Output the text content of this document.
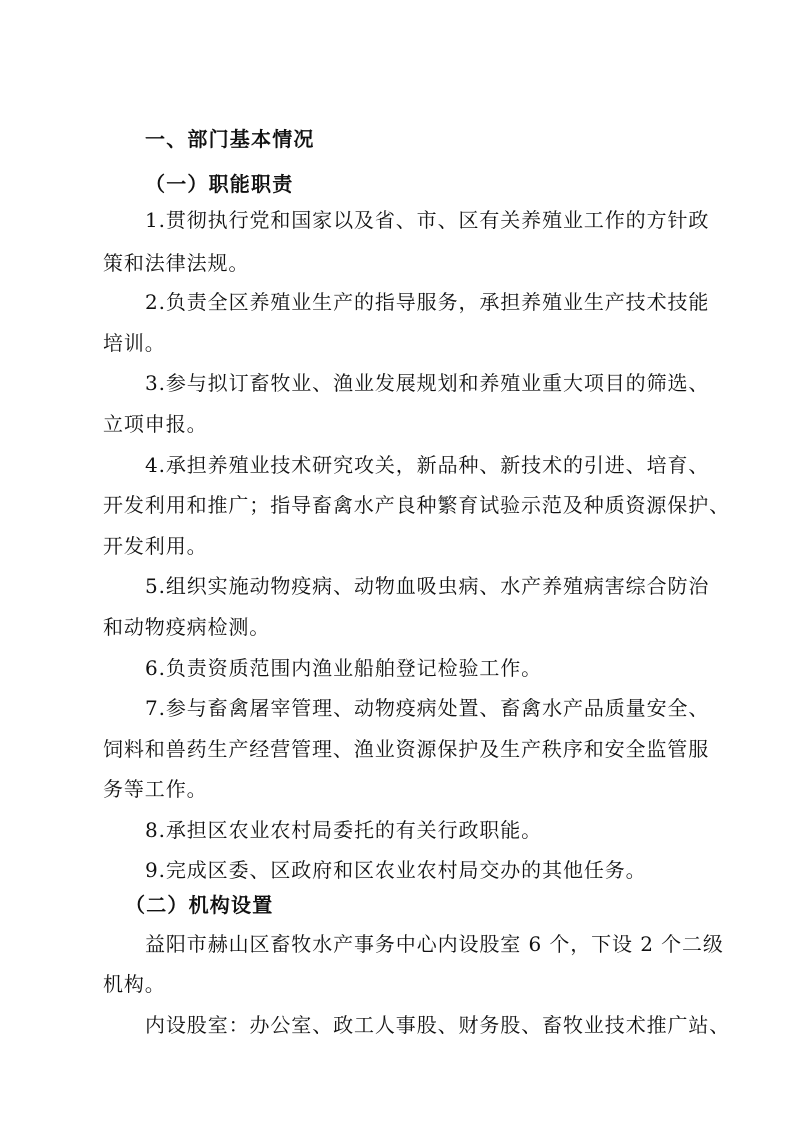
一、部门基本情况
（一）职能职责
1.贯彻执行党和国家以及省、市、区有关养殖业工作的方针政
策和法律法规。
2.负责全区养殖业生产的指导服务，承担养殖业生产技术技能
培训。
3.参与拟订畜牧业、渔业发展规划和养殖业重大项目的筛选、
立项申报。
4.承担养殖业技术研究攻关，新品种、新技术的引进、培育、
开发利用和推广；指导畜禽水产良种繁育试验示范及种质资源保护、
开发利用。
5.组织实施动物疫病、动物血吸虫病、水产养殖病害综合防治
和动物疫病检测。
6.负责资质范围内渔业船舶登记检验工作。
7.参与畜禽屠宰管理、动物疫病处置、畜禽水产品质量安全、
饲料和兽药生产经营管理、渔业资源保护及生产秩序和安全监管服
务等工作。
8.承担区农业农村局委托的有关行政职能。
9.完成区委、区政府和区农业农村局交办的其他任务。
（二）机构设置
益阳市赫山区畜牧水产事务中心内设股室 6 个，下设 2 个二级
机构。
内设股室：办公室、政工人事股、财务股、畜牧业技术推广站、
